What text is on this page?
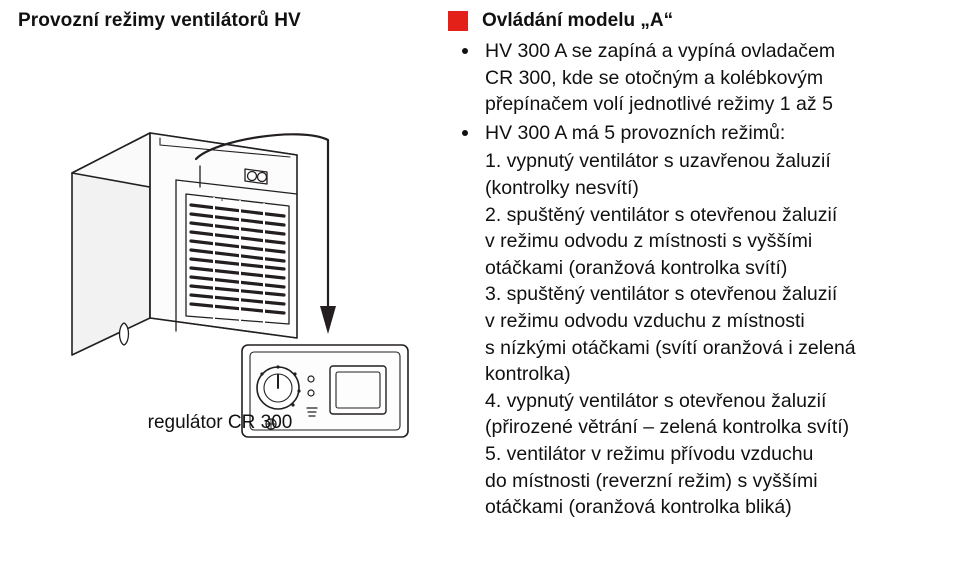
Provozní režimy ventilátorů HV
regulátor CR 300
Ovládání modelu „A“
HV 300 A se zapíná a vypíná ovladačem
CR 300, kde se otočným a kolébkovým
přepínačem volí jednotlivé režimy 1 až 5
HV 300 A má 5 provozních režimů:
1. vypnutý ventilátor s uzavřenou žaluzií
(kontrolky nesvítí)
2. spuštěný ventilátor s otevřenou žaluzií
v režimu odvodu z místnosti s vyššími
otáčkami (oranžová kontrolka svítí)
3. spuštěný ventilátor s otevřenou žaluzií
v režimu odvodu vzduchu z místnosti
s nízkými otáčkami (svítí oranžová i zelená
kontrolka)
4. vypnutý ventilátor s otevřenou žaluzií
(přirozené větrání – zelená kontrolka svítí)
5. ventilátor v režimu přívodu vzduchu
do místnosti (reverzní režim) s vyššími
otáčkami (oranžová kontrolka bliká)
